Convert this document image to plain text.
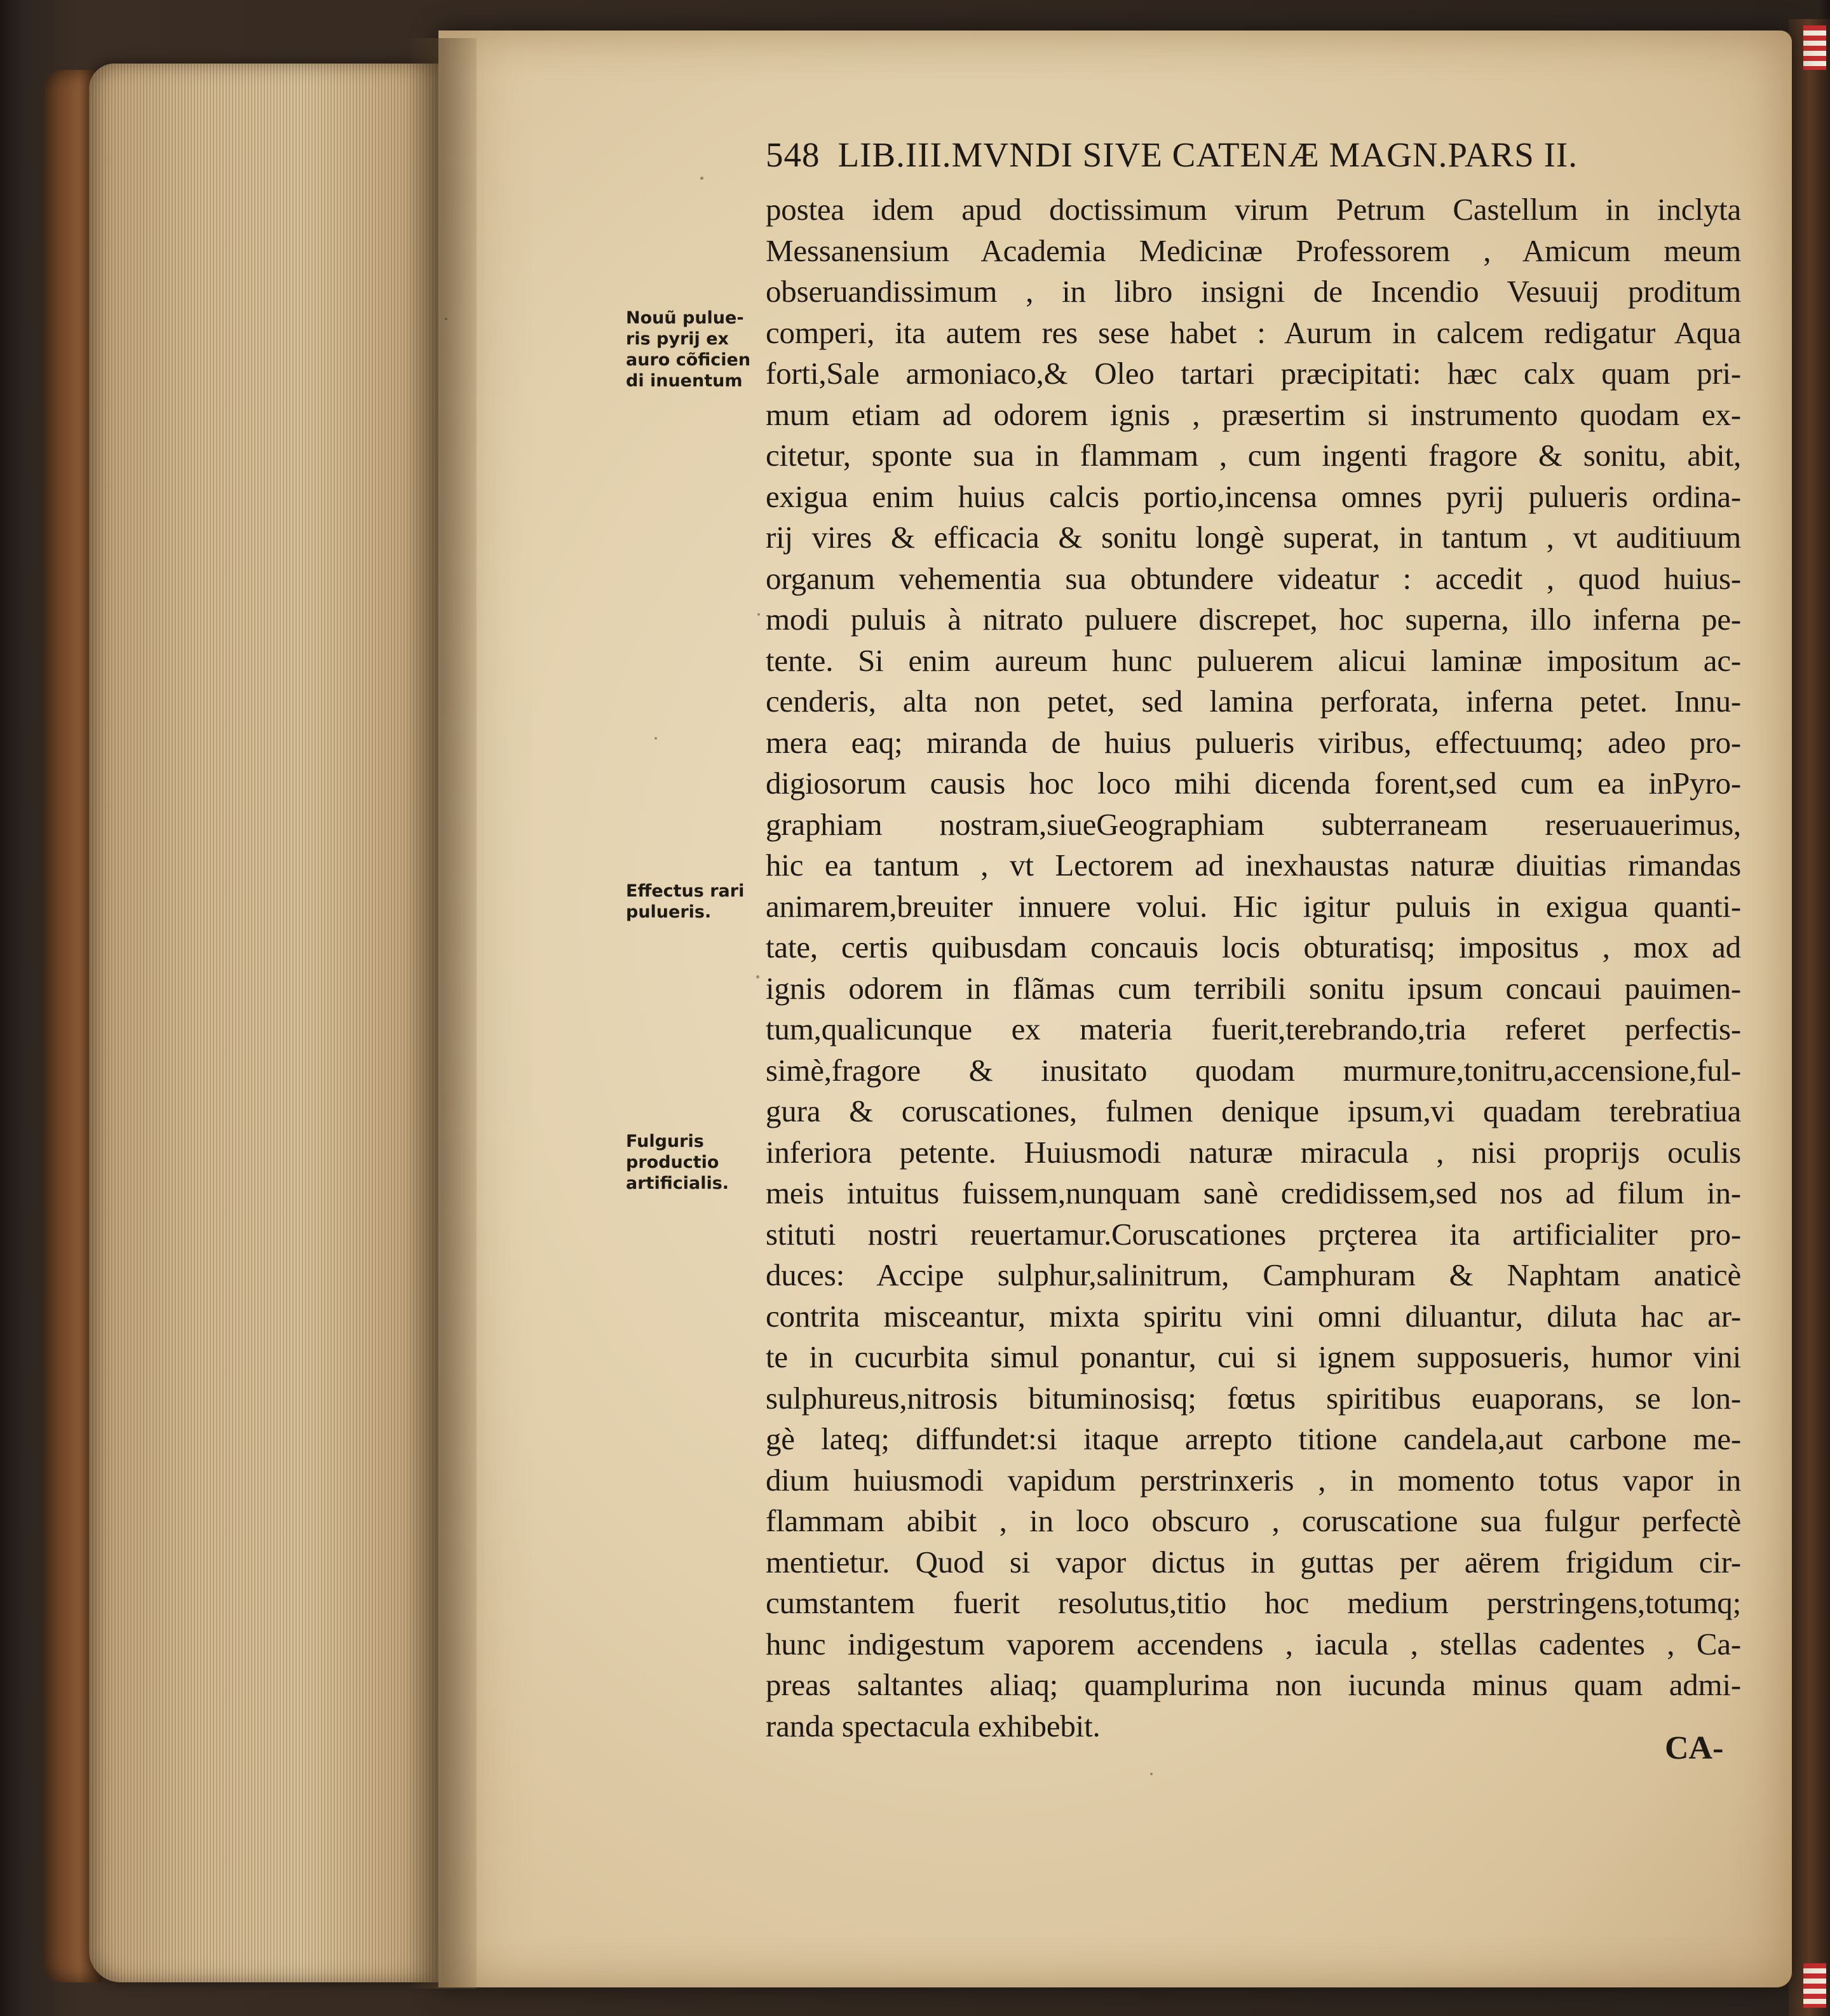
548 LIB.III.MVNDI SIVE CATENÆ MAGN.PARS II.
postea idem apud doctissimum virum Petrum Castellum in inclyta
Messanensium Academia Medicinæ Professorem , Amicum meum
obseruandissimum , in libro insigni de Incendio Vesuuij proditum
comperi, ita autem res sese habet : Aurum in calcem redigatur Aqua
forti,Sale armoniaco,& Oleo tartari præcipitati: hæc calx quam pri-
mum etiam ad odorem ignis , præsertim si instrumento quodam ex-
citetur, sponte sua in flammam , cum ingenti fragore & sonitu, abit,
exigua enim huius calcis portio,incensa omnes pyrij pulueris ordina-
rij vires & efficacia & sonitu longè superat, in tantum , vt auditiuum
organum vehementia sua obtundere videatur : accedit , quod huius-
modi puluis à nitrato puluere discrepet, hoc superna, illo inferna pe-
tente. Si enim aureum hunc puluerem alicui laminæ impositum ac-
cenderis, alta non petet, sed lamina perforata, inferna petet. Innu-
mera eaq; miranda de huius pulueris viribus, effectuumq; adeo pro-
digiosorum causis hoc loco mihi dicenda forent,sed cum ea inPyro-
graphiam nostram,siueGeographiam subterraneam reseruauerimus,
hic ea tantum , vt Lectorem ad inexhaustas naturæ diuitias rimandas
animarem,breuiter innuere volui. Hic igitur puluis in exigua quanti-
tate, certis quibusdam concauis locis obturatisq; impositus , mox ad
ignis odorem in flãmas cum terribili sonitu ipsum concaui pauimen-
tum,qualicunque ex materia fuerit,terebrando,tria referet perfectis-
simè,fragore & inusitato quodam murmure,tonitru,accensione,ful-
gura & coruscationes, fulmen denique ipsum,vi quadam terebratiua
inferiora petente. Huiusmodi naturæ miracula , nisi proprijs oculis
meis intuitus fuissem,nunquam sanè credidissem,sed nos ad filum in-
stituti nostri reuertamur.Coruscationes prçterea ita artificialiter pro-
duces: Accipe sulphur,salinitrum, Camphuram & Naphtam anaticè
contrita misceantur, mixta spiritu vini omni diluantur, diluta hac ar-
te in cucurbita simul ponantur, cui si ignem supposueris, humor vini
sulphureus,nitrosis bituminosisq; fœtus spiritibus euaporans, se lon-
gè lateq; diffundet:si itaque arrepto titione candela,aut carbone me-
dium huiusmodi vapidum perstrinxeris , in momento totus vapor in
flammam abibit , in loco obscuro , coruscatione sua fulgur perfectè
mentietur. Quod si vapor dictus in guttas per aërem frigidum cir-
cumstantem fuerit resolutus,titio hoc medium perstringens,totumq;
hunc indigestum vaporem accendens , iacula , stellas cadentes , Ca-
preas saltantes aliaq; quamplurima non iucunda minus quam admi-
randa spectacula exhibebit.
Nouũ pulue-
ris pyrij ex
auro cõficien
di inuentum
Effectus rari
pulueris.
Fulguris
productio
artificialis.
CA-
